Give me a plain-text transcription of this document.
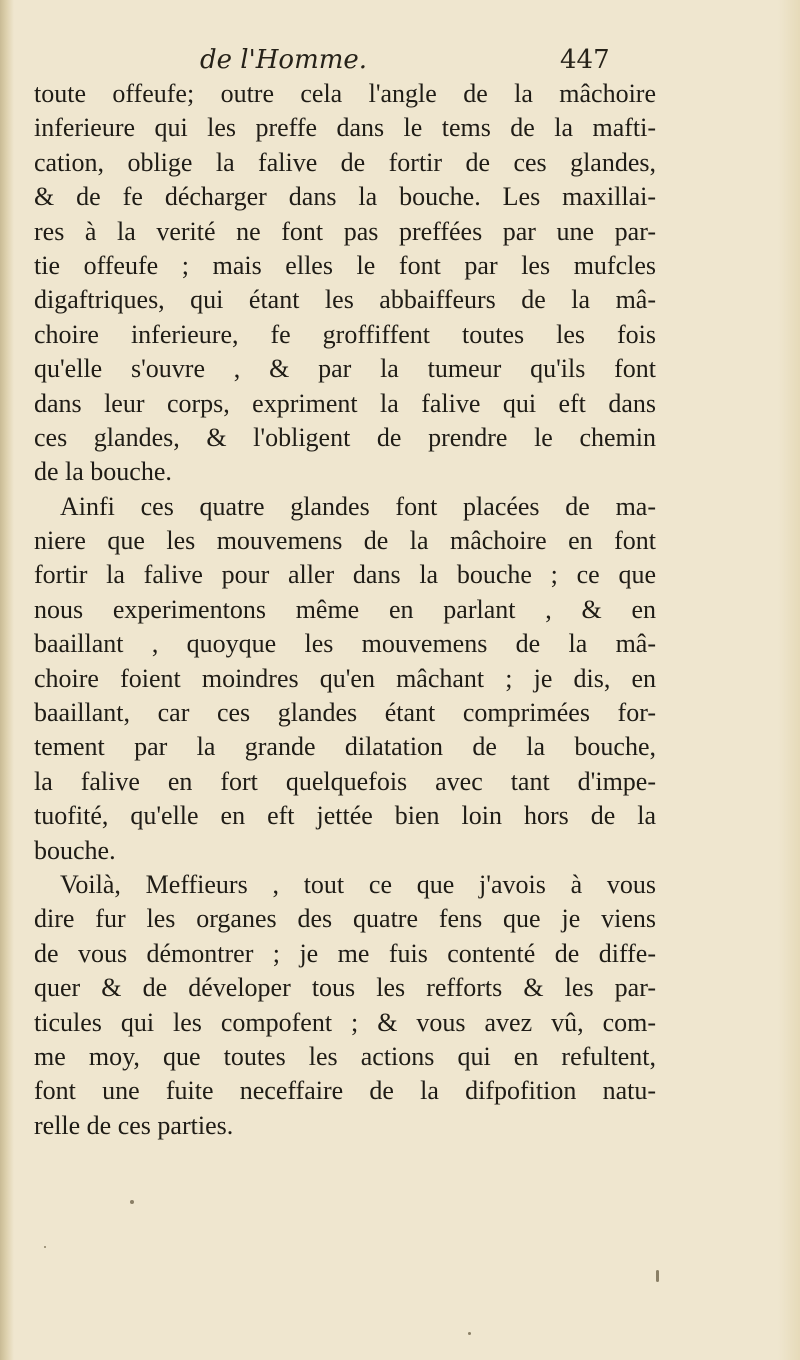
de l'Homme.	447
toute offeufe; outre cela l'angle de la mâchoire
inferieure qui les preffe dans le tems de la mafti-
cation, oblige la falive de fortir de ces glandes,
& de fe décharger dans la bouche. Les maxillai-
res à la verité ne font pas preffées par une par-
tie offeufe ; mais elles le font par les mufcles
digaftriques, qui étant les abbaiffeurs de la mâ-
choire inferieure, fe groffiffent toutes les fois
qu'elle s'ouvre , & par la tumeur qu'ils font
dans leur corps, expriment la falive qui eft dans
ces glandes, & l'obligent de prendre le chemin
de la bouche.
Ainfi ces quatre glandes font placées de ma-
niere que les mouvemens de la mâchoire en font
fortir la falive pour aller dans la bouche ; ce que
nous experimentons même en parlant , & en
baaillant , quoyque les mouvemens de la mâ-
choire foient moindres qu'en mâchant ; je dis, en
baaillant, car ces glandes étant comprimées for-
tement par la grande dilatation de la bouche,
la falive en fort quelquefois avec tant d'impe-
tuofité, qu'elle en eft jettée bien loin hors de la
bouche.
Voilà, Meffieurs , tout ce que j'avois à vous
dire fur les organes des quatre fens que je viens
de vous démontrer ; je me fuis contenté de diffe-
quer & de déveloper tous les refforts & les par-
ticules qui les compofent ; & vous avez vû, com-
me moy, que toutes les actions qui en refultent,
font une fuite neceffaire de la difpofition natu-
relle de ces parties.
